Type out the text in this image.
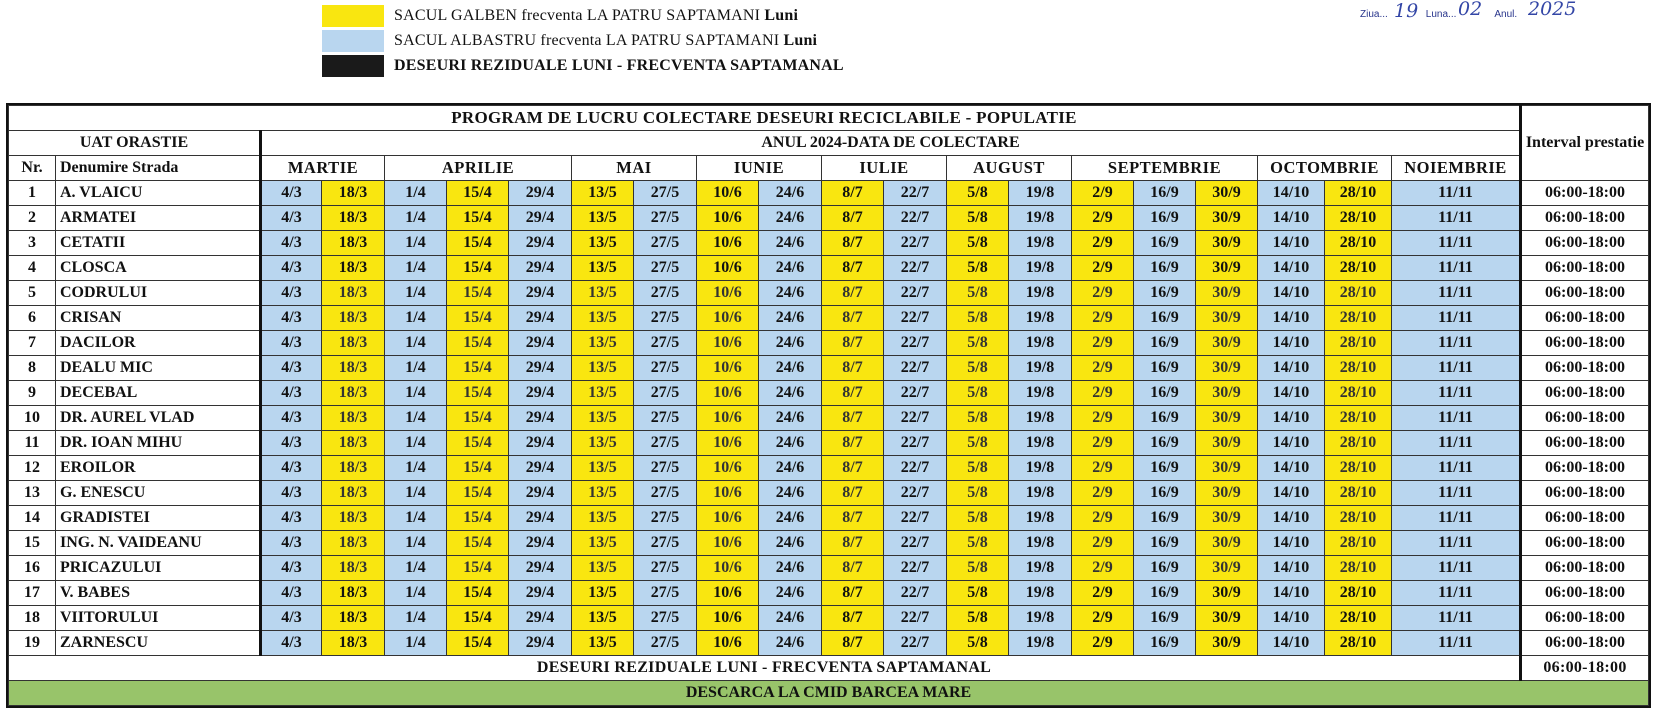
SACUL GALBEN frecventa LA PATRU SAPTAMANI Luni
SACUL ALBASTRU frecventa LA PATRU SAPTAMANI Luni
DESEURI REZIDUALE LUNI - FRECVENTA SAPTAMANAL
Ziua...	Luna...	Anul.
19 02 2025
PROGRAM DE LUCRU COLECTARE DESEURI RECICLABILE - POPULATIE																					Interval prestatie
UAT ORASTIE		ANUL 2024-DATA DE COLECTARE																			
Nr.	Denumire Strada	MARTIE		APRILIE			MAI		IUNIE		IULIE		AUGUST		SEPTEMBRIE			OCTOMBRIE		NOIEMBRIE	
1	A. VLAICU	4/3	18/3	1/4	15/4	29/4	13/5	27/5	10/6	24/6	8/7	22/7	5/8	19/8	2/9	16/9	30/9	14/10	28/10	11/11	06:00-18:00
2	ARMATEI	4/3	18/3	1/4	15/4	29/4	13/5	27/5	10/6	24/6	8/7	22/7	5/8	19/8	2/9	16/9	30/9	14/10	28/10	11/11	06:00-18:00
3	CETATII	4/3	18/3	1/4	15/4	29/4	13/5	27/5	10/6	24/6	8/7	22/7	5/8	19/8	2/9	16/9	30/9	14/10	28/10	11/11	06:00-18:00
4	CLOSCA	4/3	18/3	1/4	15/4	29/4	13/5	27/5	10/6	24/6	8/7	22/7	5/8	19/8	2/9	16/9	30/9	14/10	28/10	11/11	06:00-18:00
5	CODRULUI	4/3	18/3	1/4	15/4	29/4	13/5	27/5	10/6	24/6	8/7	22/7	5/8	19/8	2/9	16/9	30/9	14/10	28/10	11/11	06:00-18:00
6	CRISAN	4/3	18/3	1/4	15/4	29/4	13/5	27/5	10/6	24/6	8/7	22/7	5/8	19/8	2/9	16/9	30/9	14/10	28/10	11/11	06:00-18:00
7	DACILOR	4/3	18/3	1/4	15/4	29/4	13/5	27/5	10/6	24/6	8/7	22/7	5/8	19/8	2/9	16/9	30/9	14/10	28/10	11/11	06:00-18:00
8	DEALU MIC	4/3	18/3	1/4	15/4	29/4	13/5	27/5	10/6	24/6	8/7	22/7	5/8	19/8	2/9	16/9	30/9	14/10	28/10	11/11	06:00-18:00
9	DECEBAL	4/3	18/3	1/4	15/4	29/4	13/5	27/5	10/6	24/6	8/7	22/7	5/8	19/8	2/9	16/9	30/9	14/10	28/10	11/11	06:00-18:00
10	DR. AUREL VLAD	4/3	18/3	1/4	15/4	29/4	13/5	27/5	10/6	24/6	8/7	22/7	5/8	19/8	2/9	16/9	30/9	14/10	28/10	11/11	06:00-18:00
11	DR. IOAN MIHU	4/3	18/3	1/4	15/4	29/4	13/5	27/5	10/6	24/6	8/7	22/7	5/8	19/8	2/9	16/9	30/9	14/10	28/10	11/11	06:00-18:00
12	EROILOR	4/3	18/3	1/4	15/4	29/4	13/5	27/5	10/6	24/6	8/7	22/7	5/8	19/8	2/9	16/9	30/9	14/10	28/10	11/11	06:00-18:00
13	G. ENESCU	4/3	18/3	1/4	15/4	29/4	13/5	27/5	10/6	24/6	8/7	22/7	5/8	19/8	2/9	16/9	30/9	14/10	28/10	11/11	06:00-18:00
14	GRADISTEI	4/3	18/3	1/4	15/4	29/4	13/5	27/5	10/6	24/6	8/7	22/7	5/8	19/8	2/9	16/9	30/9	14/10	28/10	11/11	06:00-18:00
15	ING. N. VAIDEANU	4/3	18/3	1/4	15/4	29/4	13/5	27/5	10/6	24/6	8/7	22/7	5/8	19/8	2/9	16/9	30/9	14/10	28/10	11/11	06:00-18:00
16	PRICAZULUI	4/3	18/3	1/4	15/4	29/4	13/5	27/5	10/6	24/6	8/7	22/7	5/8	19/8	2/9	16/9	30/9	14/10	28/10	11/11	06:00-18:00
17	V. BABES	4/3	18/3	1/4	15/4	29/4	13/5	27/5	10/6	24/6	8/7	22/7	5/8	19/8	2/9	16/9	30/9	14/10	28/10	11/11	06:00-18:00
18	VIITORULUI	4/3	18/3	1/4	15/4	29/4	13/5	27/5	10/6	24/6	8/7	22/7	5/8	19/8	2/9	16/9	30/9	14/10	28/10	11/11	06:00-18:00
19	ZARNESCU	4/3	18/3	1/4	15/4	29/4	13/5	27/5	10/6	24/6	8/7	22/7	5/8	19/8	2/9	16/9	30/9	14/10	28/10	11/11	06:00-18:00
DESEURI REZIDUALE LUNI - FRECVENTA SAPTAMANAL																					06:00-18:00
DESCARCA LA CMID BARCEA MARE																					
